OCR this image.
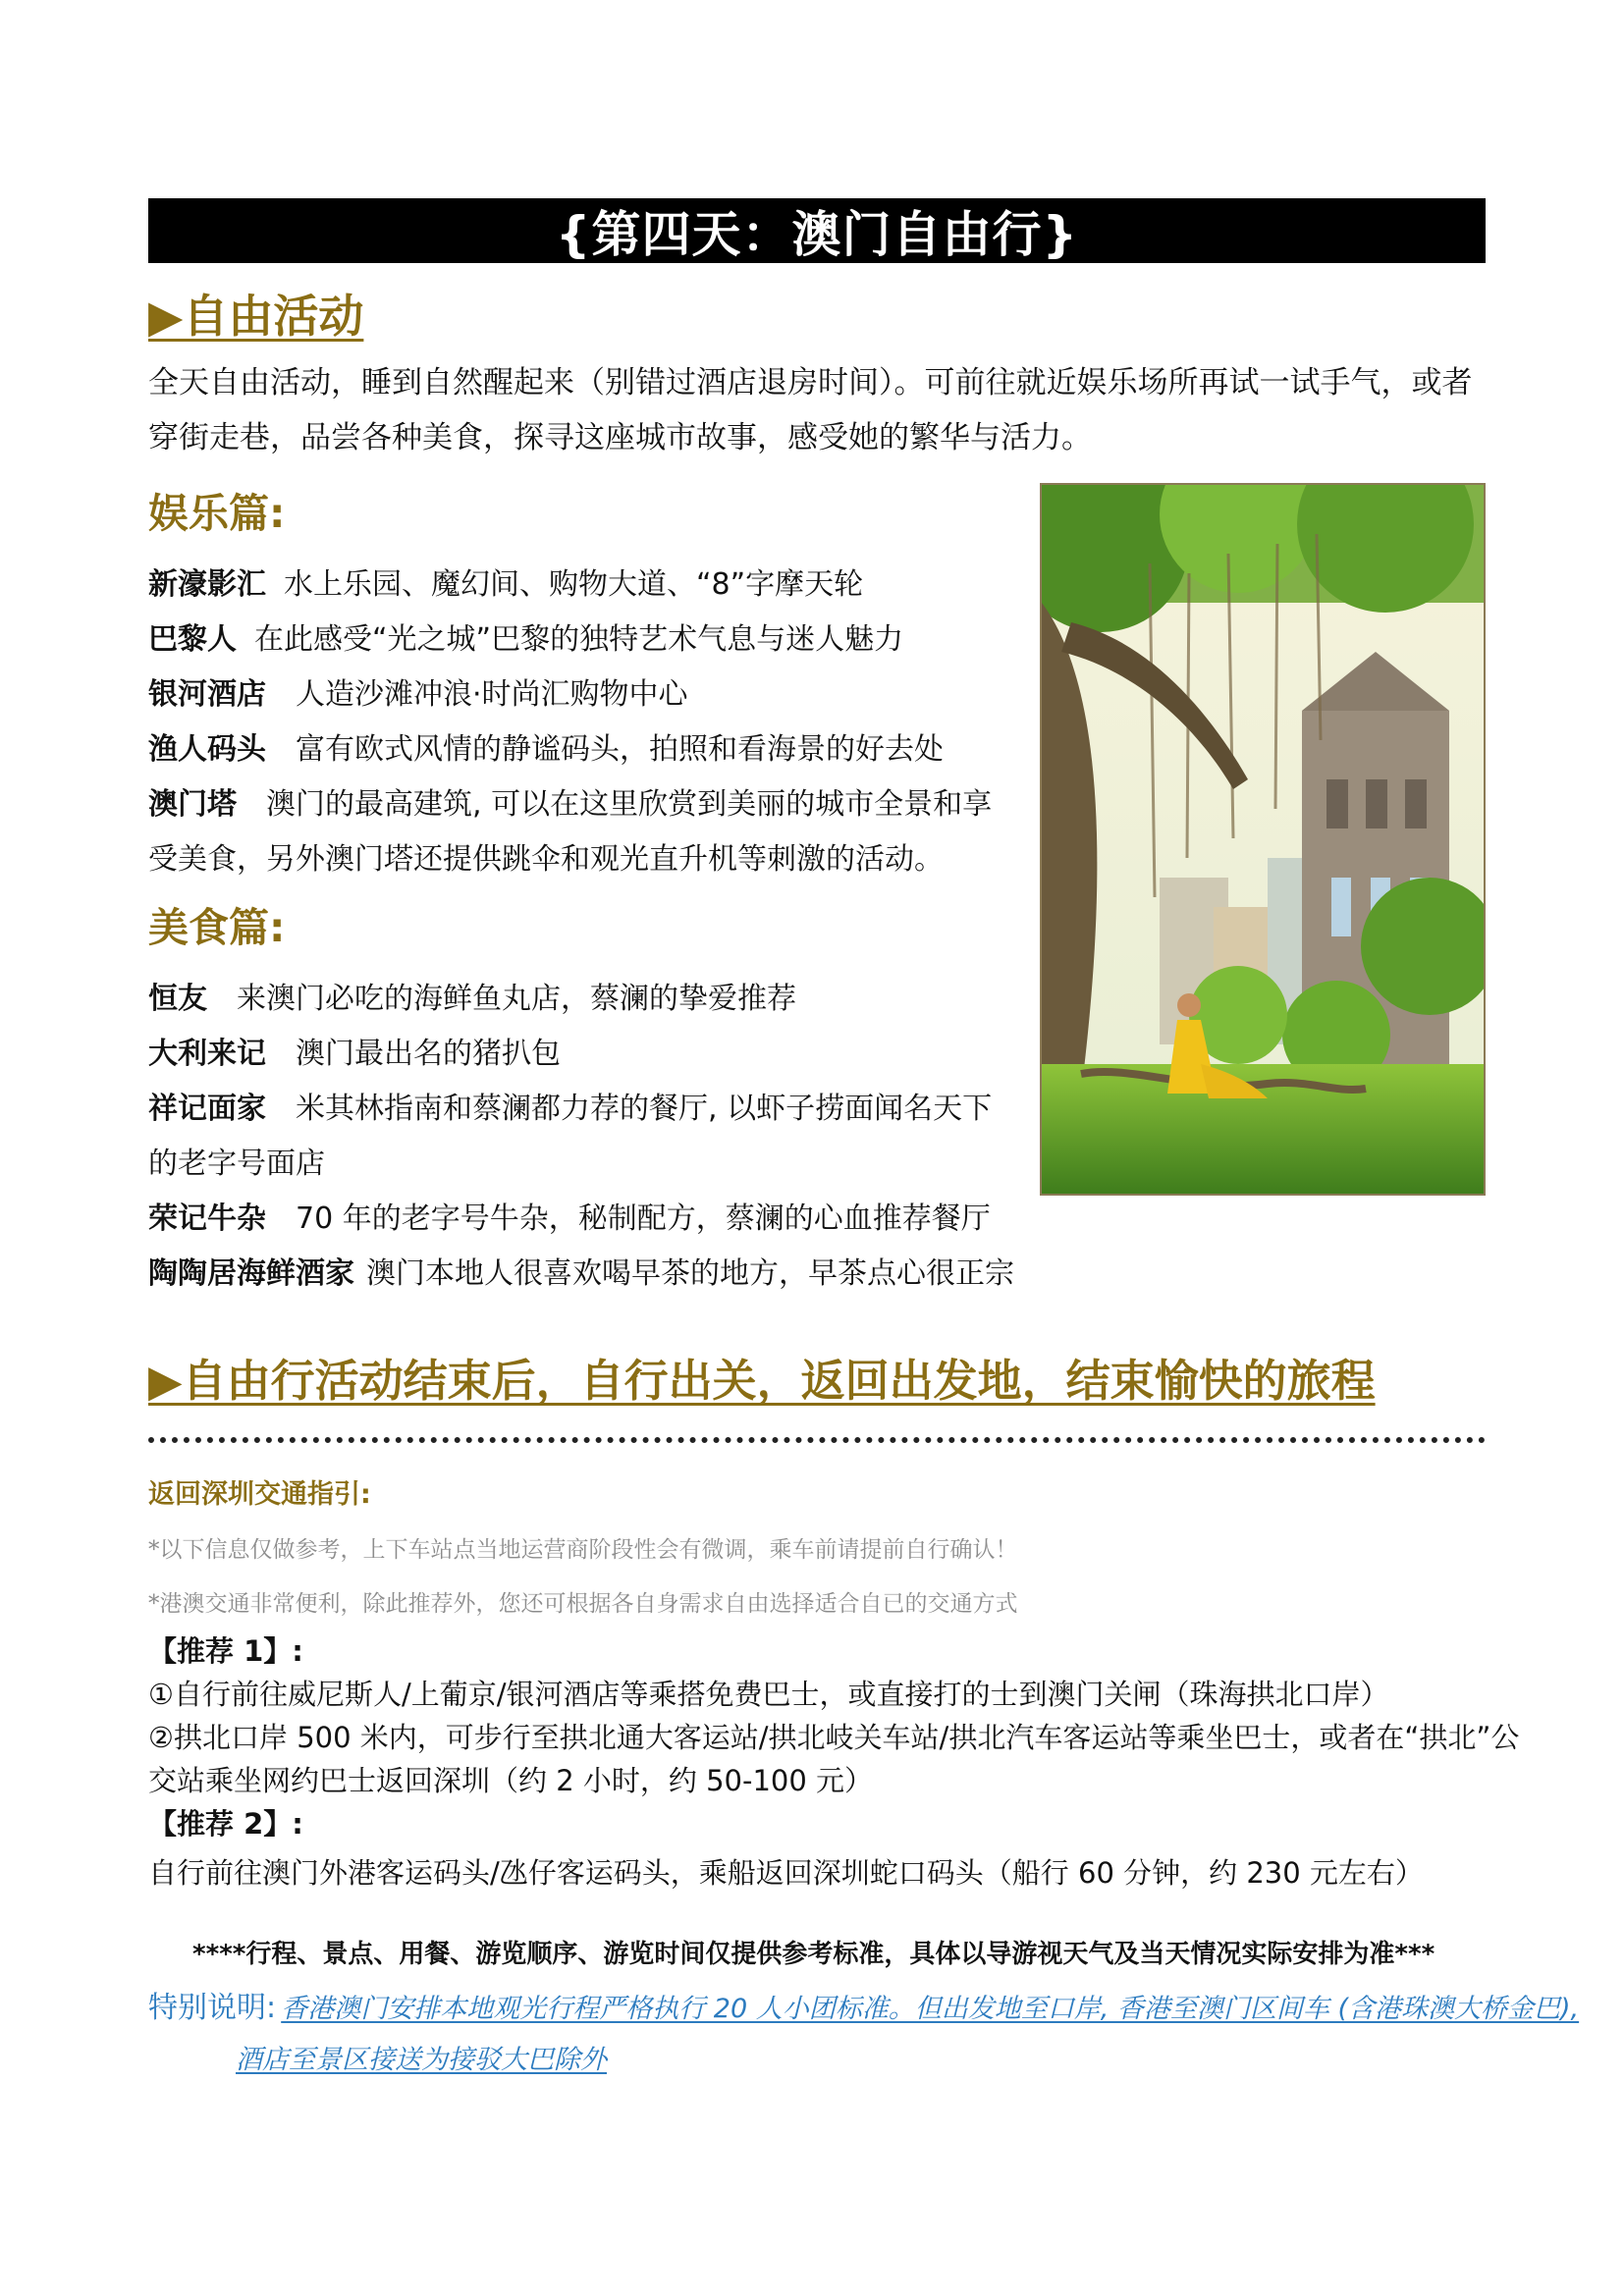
{第四天：澳门自由行}
▶自由活动
全天自由活动，睡到自然醒起来（别错过酒店退房时间）。可前往就近娱乐场所再试一试手气，或者
穿街走巷，品尝各种美食，探寻这座城市故事，感受她的繁华与活力。
娱乐篇:
新濠影汇 水上乐园、魔幻间、购物大道、“8”字摩天轮
巴黎人 在此感受“光之城”巴黎的独特艺术气息与迷人魅力
银河酒店 人造沙滩冲浪·时尚汇购物中心
渔人码头 富有欧式风情的静谧码头，拍照和看海景的好去处
澳门塔 澳门的最高建筑, 可以在这里欣赏到美丽的城市全景和享
受美食，另外澳门塔还提供跳伞和观光直升机等刺激的活动。
美食篇:
恒友 来澳门必吃的海鲜鱼丸店，蔡澜的挚爱推荐
大利来记 澳门最出名的猪扒包
祥记面家 米其林指南和蔡澜都力荐的餐厅, 以虾子捞面闻名天下
的老字号面店
荣记牛杂 70 年的老字号牛杂，秘制配方，蔡澜的心血推荐餐厅
陶陶居海鲜酒家 澳门本地人很喜欢喝早茶的地方，早茶点心很正宗
▶自由行活动结束后，自行出关，返回出发地，结束愉快的旅程
返回深圳交通指引:
*以下信息仅做参考，上下车站点当地运营商阶段性会有微调，乘车前请提前自行确认！
*港澳交通非常便利，除此推荐外，您还可根据各自身需求自由选择适合自已的交通方式
【推荐 1】:
①自行前往威尼斯人/上葡京/银河酒店等乘搭免费巴士，或直接打的士到澳门关闸（珠海拱北口岸）
②拱北口岸 500 米内，可步行至拱北通大客运站/拱北岐关车站/拱北汽车客运站等乘坐巴士，或者在“拱北”公
交站乘坐网约巴士返回深圳（约 2 小时，约 50-100 元）
【推荐 2】:
自行前往澳门外港客运码头/氹仔客运码头，乘船返回深圳蛇口码头（船行 60 分钟，约 230 元左右）
****行程、景点、用餐、游览顺序、游览时间仅提供参考标准，具体以导游视天气及当天情况实际安排为准***
特别说明: 香港澳门安排本地观光行程严格执行 20 人小团标准。但出发地至口岸, 香港至澳门区间车 (含港珠澳大桥金巴),
酒店至景区接送为接驳大巴除外
